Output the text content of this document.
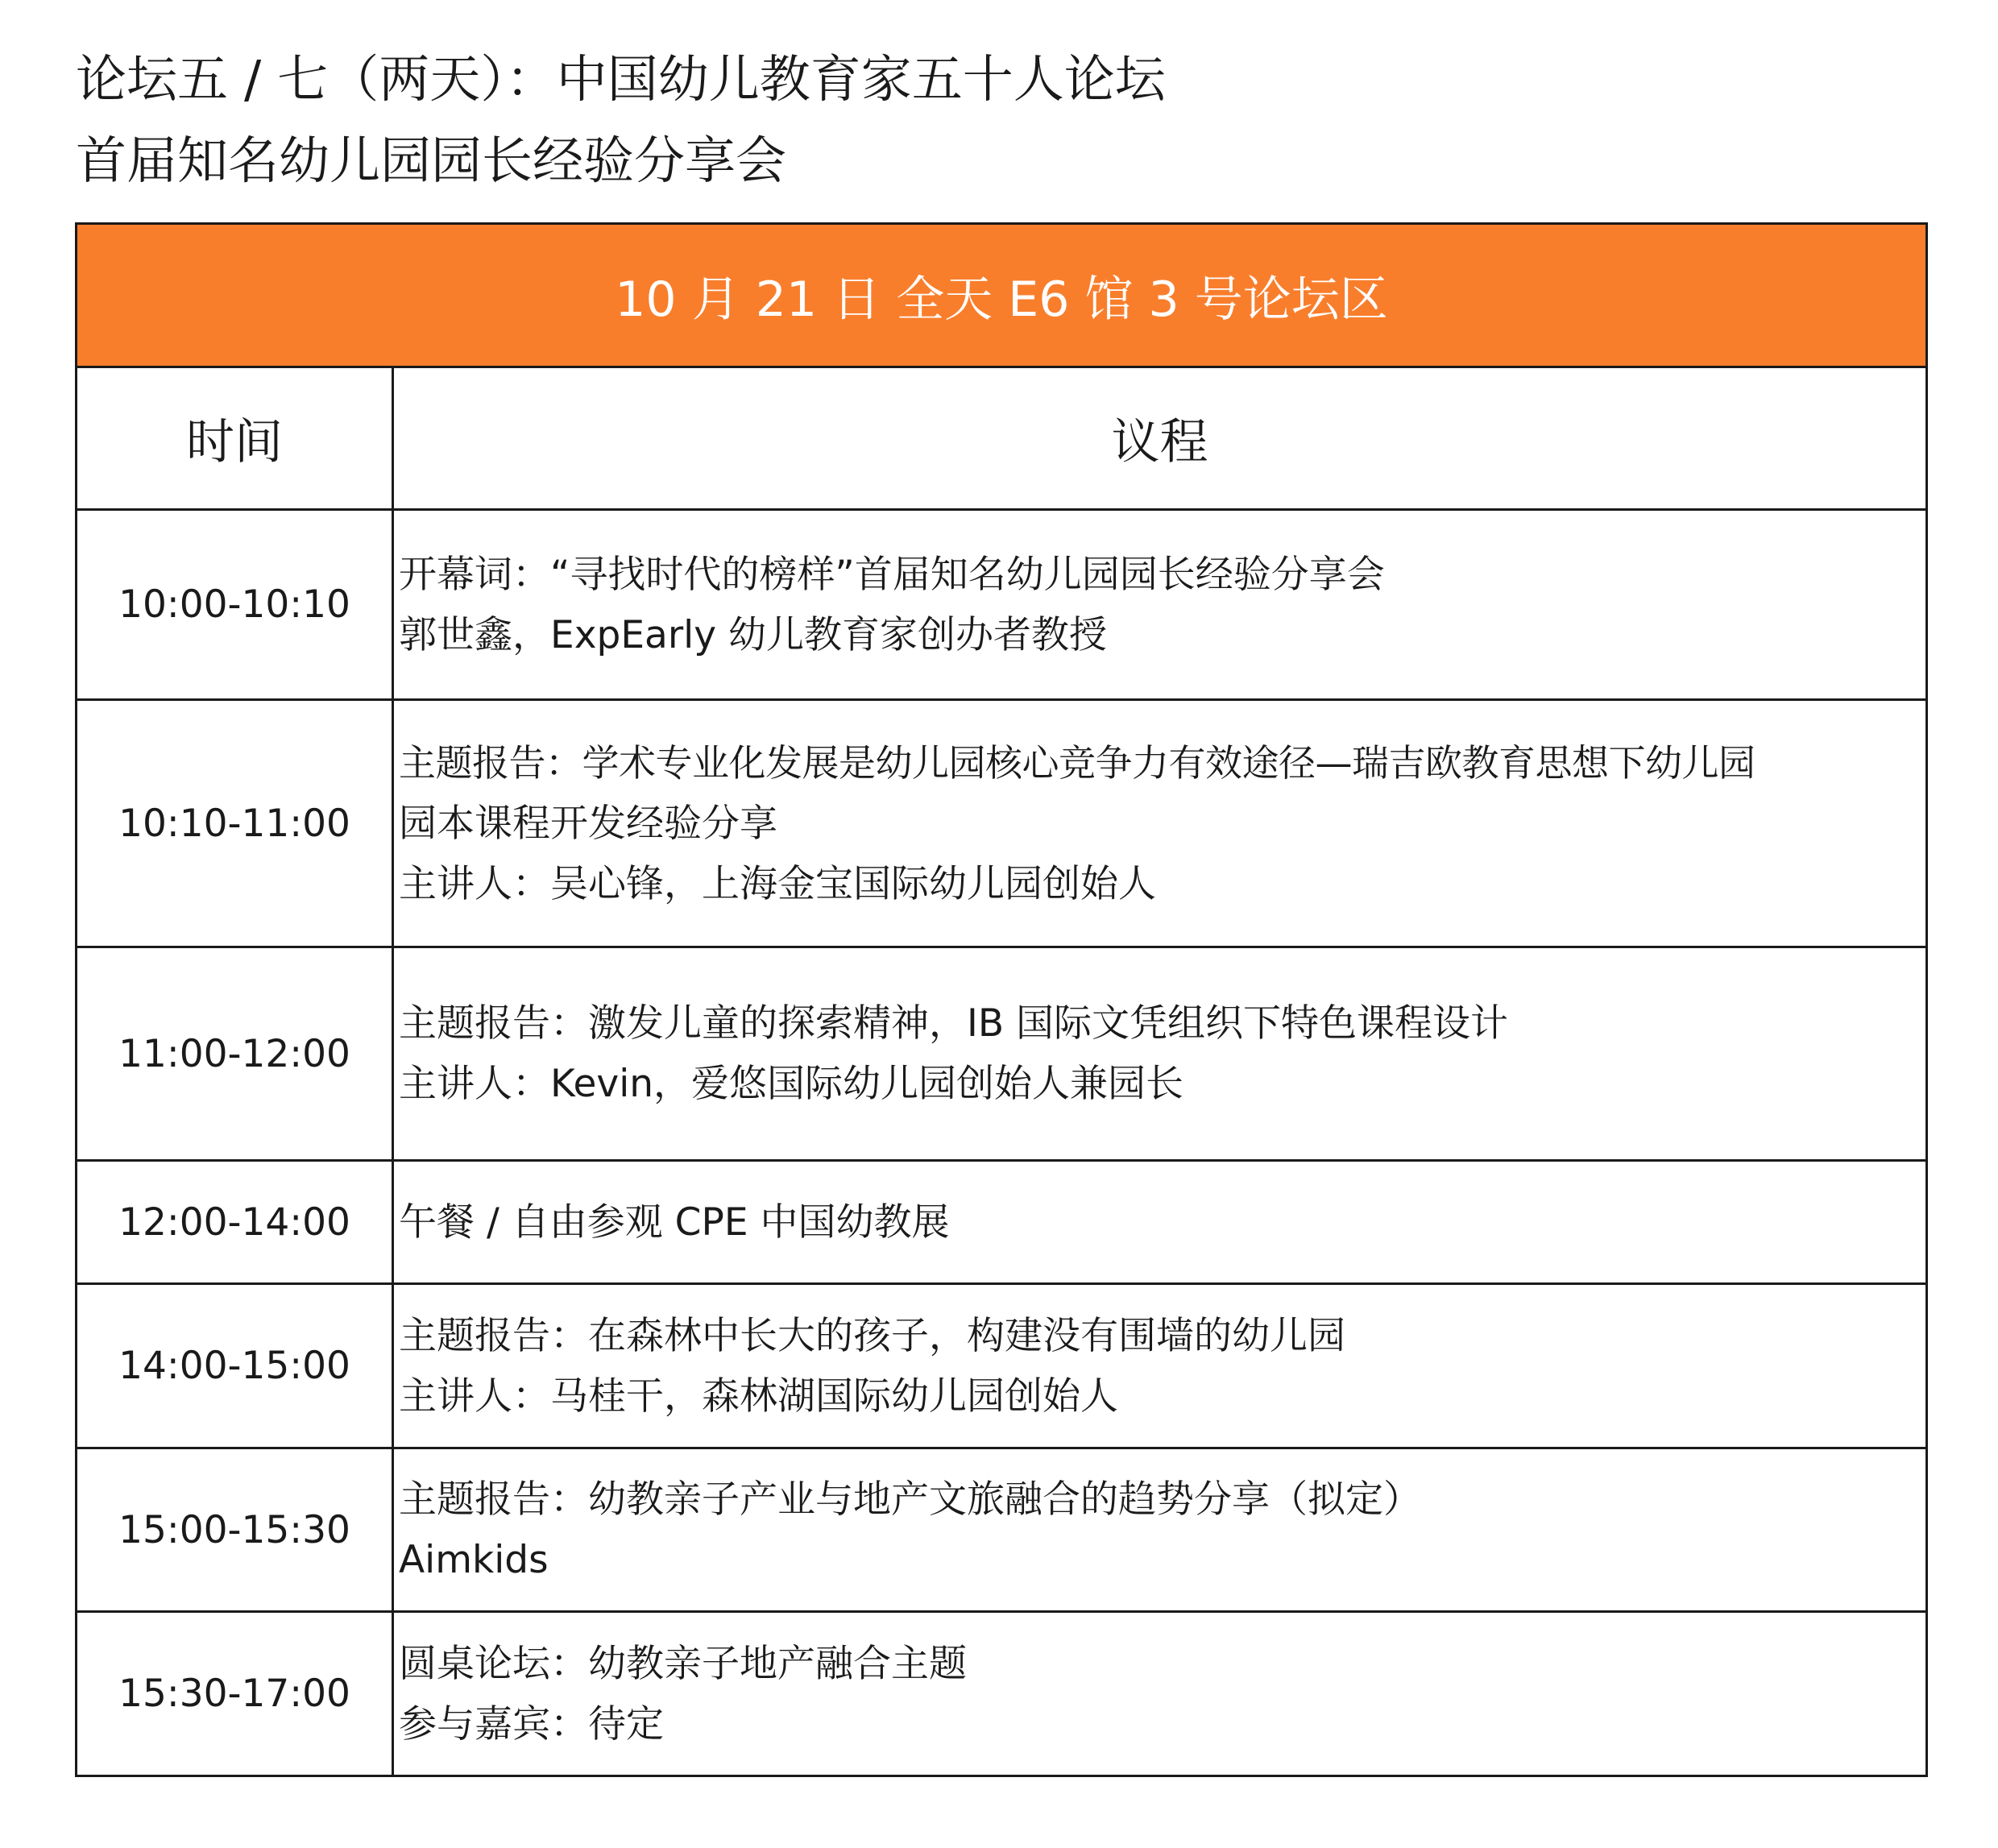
论坛五 / 七（两天）：中国幼儿教育家五十人论坛
首届知名幼儿园园长经验分享会
10 月 21 日 全天 E6 馆 3 号论坛区	
时间	议程
10:00-10:10	开幕词：“寻找时代的榜样”首届知名幼儿园园长经验分享会
郭世鑫，ExpEarly 幼儿教育家创办者教授

10:10-11:00	主题报告：学术专业化发展是幼儿园核心竞争力有效途径—瑞吉欧教育思想下幼儿园
园本课程开发经验分享
主讲人：吴心锋，上海金宝国际幼儿园创始人

11:00-12:00	主题报告：激发儿童的探索精神，IB 国际文凭组织下特色课程设计
主讲人：Kevin，爱悠国际幼儿园创始人兼园长

12:00-14:00	午餐 / 自由参观 CPE 中国幼教展

14:00-15:00	主题报告：在森林中长大的孩子，构建没有围墙的幼儿园
主讲人：马桂干，森林湖国际幼儿园创始人

15:00-15:30	主题报告：幼教亲子产业与地产文旅融合的趋势分享（拟定）
Aimkids

15:30-17:00	圆桌论坛：幼教亲子地产融合主题
参与嘉宾：待定
